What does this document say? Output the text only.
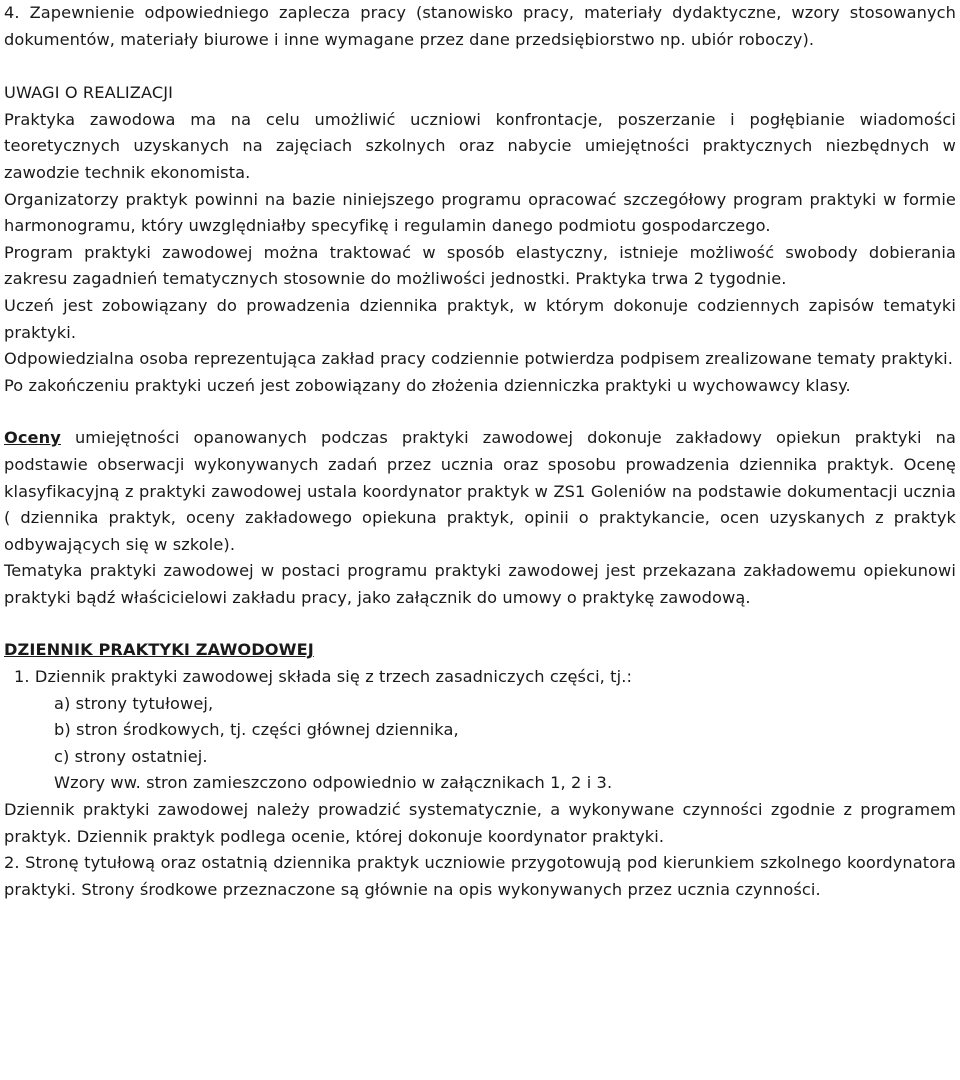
4. Zapewnienie odpowiedniego zaplecza pracy (stanowisko pracy, materiały dydaktyczne, wzory stosowanych dokumentów, materiały biurowe i inne wymagane przez dane przedsiębiorstwo np. ubiór roboczy).

UWAGI O REALIZACJI

Praktyka zawodowa ma na celu umożliwić uczniowi konfrontacje, poszerzanie i pogłębianie wiadomości teoretycznych uzyskanych na zajęciach szkolnych oraz nabycie umiejętności praktycznych niezbędnych w zawodzie technik ekonomista.

Organizatorzy praktyk powinni na bazie niniejszego programu opracować szczegółowy program praktyki w formie harmonogramu, który uwzględniałby specyfikę i regulamin danego podmiotu gospodarczego.

Program praktyki zawodowej można traktować w sposób elastyczny, istnieje możliwość swobody dobierania zakresu zagadnień tematycznych stosownie do możliwości jednostki. Praktyka trwa 2 tygodnie.

Uczeń jest zobowiązany do prowadzenia dziennika praktyk, w którym dokonuje codziennych zapisów tematyki praktyki.

Odpowiedzialna osoba reprezentująca zakład pracy codziennie potwierdza podpisem zrealizowane tematy praktyki.

Po zakończeniu praktyki uczeń jest zobowiązany do złożenia dzienniczka praktyki u wychowawcy klasy.

Oceny umiejętności opanowanych podczas praktyki zawodowej dokonuje zakładowy opiekun praktyki na podstawie obserwacji wykonywanych zadań przez ucznia oraz sposobu prowadzenia dziennika praktyk. Ocenę klasyfikacyjną z praktyki zawodowej ustala koordynator praktyk w ZS1 Goleniów na podstawie dokumentacji ucznia ( dziennika praktyk, oceny zakładowego opiekuna praktyk, opinii o praktykancie, ocen uzyskanych z praktyk odbywających się w szkole).

Tematyka praktyki zawodowej w postaci programu praktyki zawodowej jest przekazana zakładowemu opiekunowi praktyki bądź właścicielowi zakładu pracy, jako załącznik do umowy o praktykę zawodową.

DZIENNIK PRAKTYKI ZAWODOWEJ

1. Dziennik praktyki zawodowej składa się z trzech zasadniczych części, tj.:

a) strony tytułowej,

b) stron środkowych, tj. części głównej dziennika,

c) strony ostatniej.

Wzory ww. stron zamieszczono odpowiednio w załącznikach 1, 2 i 3.

Dziennik praktyki zawodowej należy prowadzić systematycznie, a wykonywane czynności zgodnie z programem praktyk. Dziennik praktyk podlega ocenie, której dokonuje koordynator praktyki.

2. Stronę tytułową oraz ostatnią dziennika praktyk uczniowie przygotowują pod kierunkiem szkolnego koordynatora praktyki. Strony środkowe przeznaczone są głównie na opis wykonywanych przez ucznia czynności.
